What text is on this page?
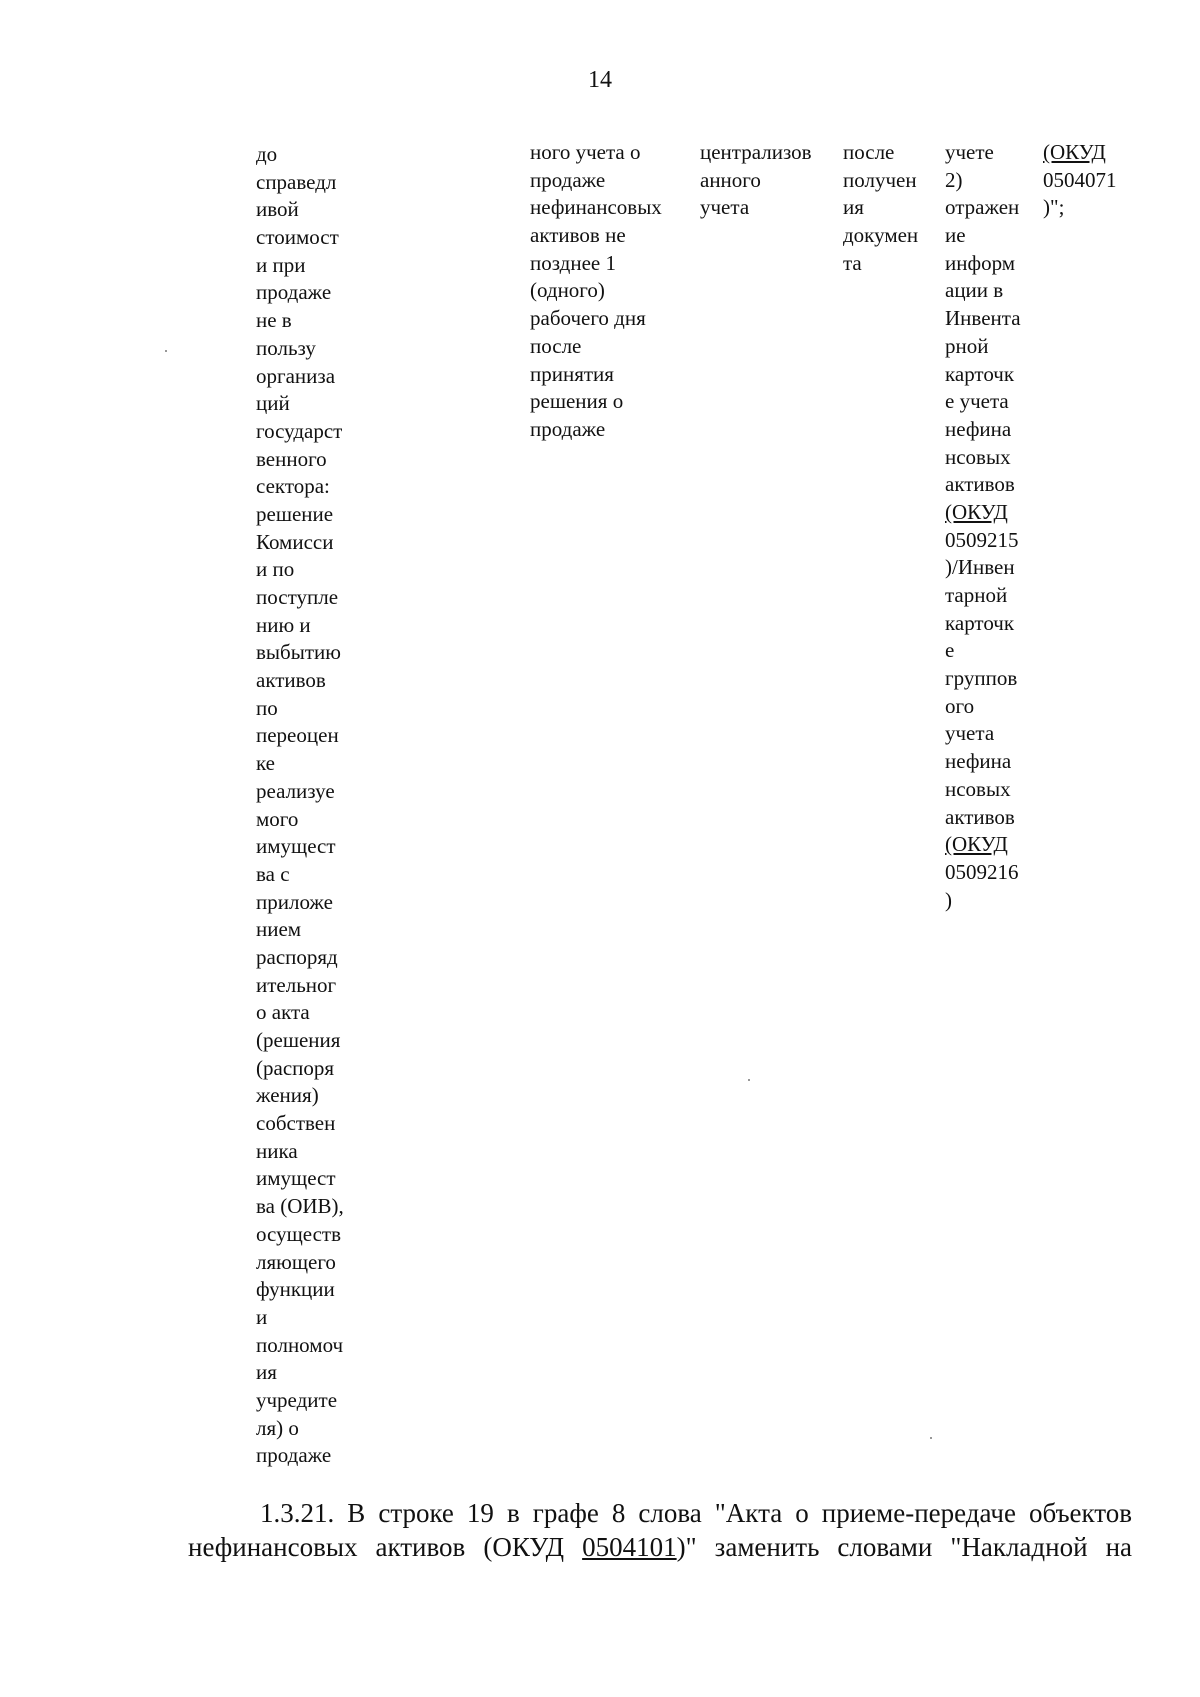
14
до
справедл
ивой
стоимост
и при
продаже
не в
пользу
организа
ций
государст
венного
сектора:
решение
Комисси
и по
поступле
нию и
выбытию
активов
по
переоцен
ке
реализуе
мого
имущест
ва с
приложе
нием
распоряд
ительног
о акта
(решения
(распоря
жения)
собствен
ника
имущест
ва (ОИВ),
осуществ
ляющего
функции
и
полномоч
ия
учредите
ля) о
продаже
ного учета о
продаже
нефинансовых
активов не
позднее 1
(одного)
рабочего дня
после
принятия
решения о
продаже
централизов
анного
учета
после
получен
ия
докумен
та
учете
2)
отражен
ие
информ
ации в
Инвента
рной
карточк
е учета
нефина
нсовых
активов
(ОКУД
0509215
)/Инвен
тарной
карточк
е
группов
ого
учета
нефина
нсовых
активов
(ОКУД
0509216
)
(ОКУД
0504071
)";
1.3.21. В строке 19 в графе 8 слова "Акта о приеме-передаче объектов
нефинансовых активов (ОКУД 0504101)" заменить словами "Накладной на
